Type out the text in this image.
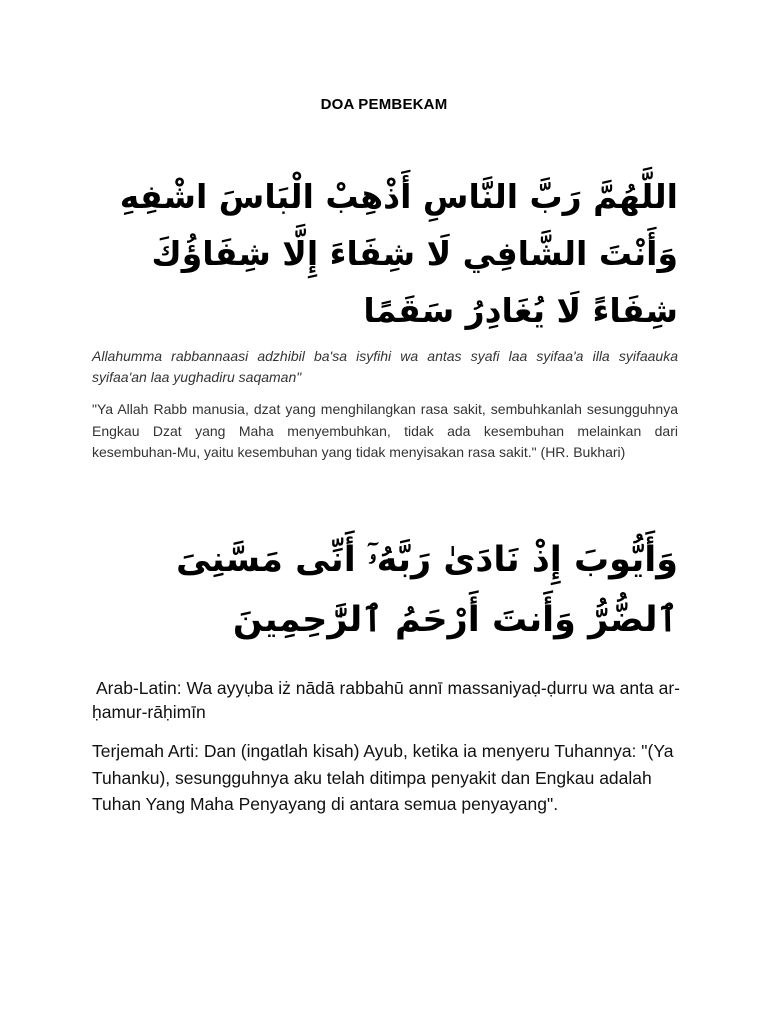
DOA PEMBEKAM
اللَّهُمَّ رَبَّ النَّاسِ أَذْهِبْ الْبَاسَ اشْفِهِ وَأَنْتَ الشَّافِي لَا شِفَاءَ إِلَّا شِفَاؤُكَ شِفَاءً لَا يُغَادِرُ سَقَمًا
Allahumma rabbannaasi adzhibil ba'sa isyfihi wa antas syafi laa syifaa'a illa syifaauka syifaa'an laa yughadiru saqaman"
"Ya Allah Rabb manusia, dzat yang menghilangkan rasa sakit, sembuhkanlah sesungguhnya Engkau Dzat yang Maha menyembuhkan, tidak ada kesembuhan melainkan dari kesembuhan-Mu, yaitu kesembuhan yang tidak menyisakan rasa sakit." (HR. Bukhari)
وَأَيُّوبَ إِذْ نَادَىٰ رَبَّهُۥٓ أَنِّى مَسَّنِىَ ٱلضُّرُّ وَأَنتَ أَرْحَمُ ٱلرَّٰحِمِينَ
Arab-Latin: Wa ayyụba iż nādā rabbahū annī massaniyaḍ-ḍurru wa anta ar-ḥamur-rāḥimīn
Terjemah Arti: Dan (ingatlah kisah) Ayub, ketika ia menyeru Tuhannya: "(Ya Tuhanku), sesungguhnya aku telah ditimpa penyakit dan Engkau adalah Tuhan Yang Maha Penyayang di antara semua penyayang".
